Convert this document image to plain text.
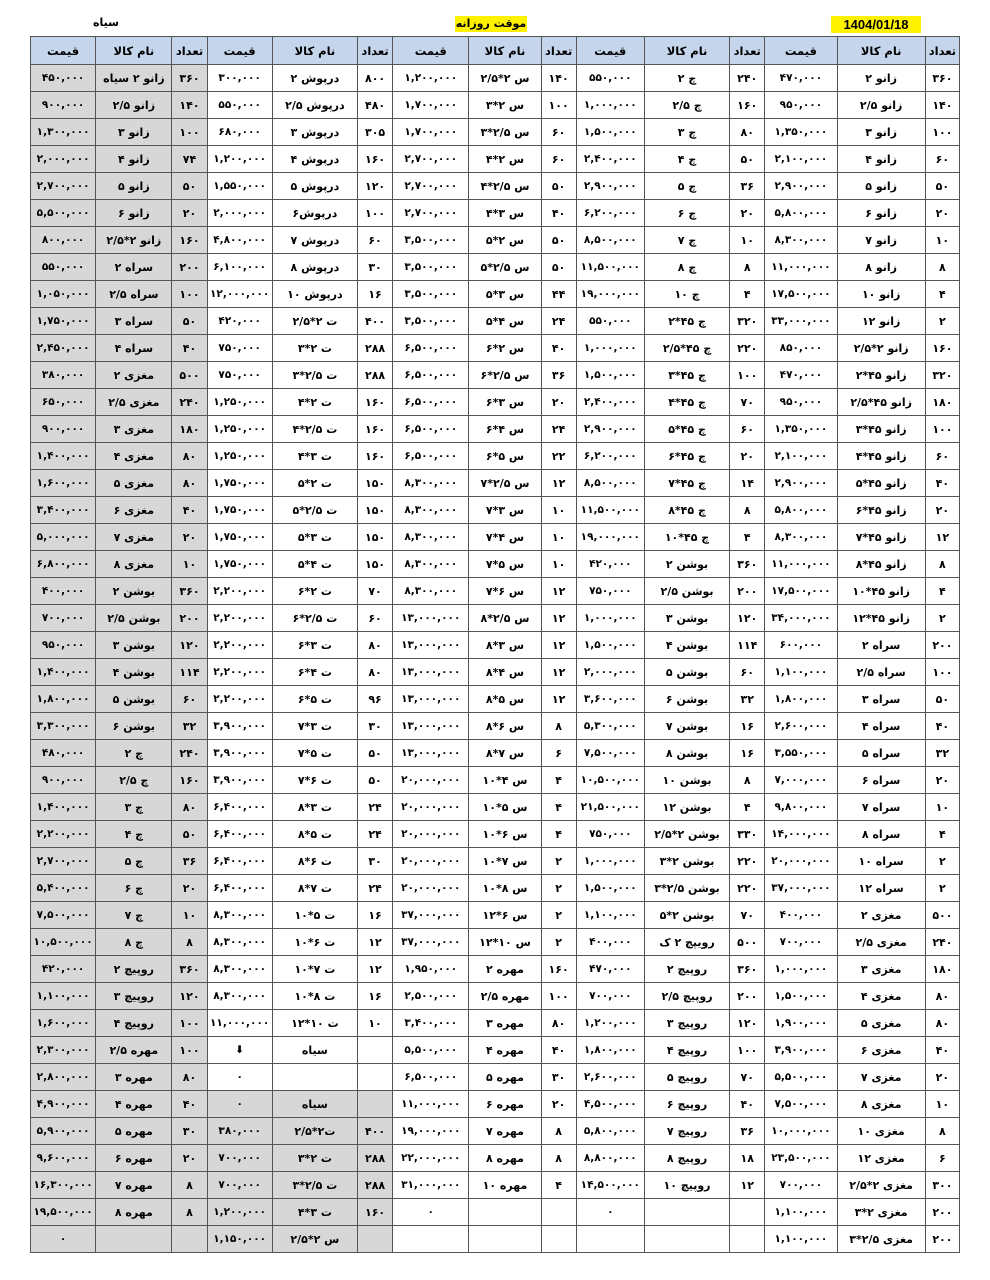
سیاه	موقت روزانه	1404/01/18
قیمت	نام کالا	تعداد	قیمت	نام کالا	تعداد	قیمت	نام کالا	تعداد	قیمت	نام کالا	تعداد	قیمت	نام کالا	تعداد
۴۵۰,۰۰۰	زانو ۲ سیاه	۳۶۰	۳۰۰,۰۰۰	درپوش ۲	۸۰۰	۱,۲۰۰,۰۰۰	س ۲*۲/۵	۱۴۰	۵۵۰,۰۰۰	چ ۲	۲۴۰	۴۷۰,۰۰۰	زانو ۲	۳۶۰
۹۰۰,۰۰۰	زانو ۲/۵	۱۴۰	۵۵۰,۰۰۰	درپوش ۲/۵	۴۸۰	۱,۷۰۰,۰۰۰	س ۲*۳	۱۰۰	۱,۰۰۰,۰۰۰	چ ۲/۵	۱۶۰	۹۵۰,۰۰۰	زانو ۲/۵	۱۴۰
۱,۳۰۰,۰۰۰	زانو ۳	۱۰۰	۶۸۰,۰۰۰	درپوش ۳	۳۰۵	۱,۷۰۰,۰۰۰	س ۲/۵*۳	۶۰	۱,۵۰۰,۰۰۰	چ ۳	۸۰	۱,۳۵۰,۰۰۰	زانو ۳	۱۰۰
۲,۰۰۰,۰۰۰	زانو ۴	۷۴	۱,۲۰۰,۰۰۰	درپوش ۴	۱۶۰	۲,۷۰۰,۰۰۰	س ۲*۴	۶۰	۲,۴۰۰,۰۰۰	چ ۴	۵۰	۲,۱۰۰,۰۰۰	زانو ۴	۶۰
۲,۷۰۰,۰۰۰	زانو ۵	۵۰	۱,۵۵۰,۰۰۰	درپوش ۵	۱۲۰	۲,۷۰۰,۰۰۰	س ۲/۵*۴	۵۰	۲,۹۰۰,۰۰۰	چ ۵	۳۶	۲,۹۰۰,۰۰۰	زانو ۵	۵۰
۵,۵۰۰,۰۰۰	زانو ۶	۲۰	۲,۰۰۰,۰۰۰	درپوش۶	۱۰۰	۲,۷۰۰,۰۰۰	س ۳*۴	۴۰	۶,۲۰۰,۰۰۰	چ ۶	۲۰	۵,۸۰۰,۰۰۰	زانو ۶	۲۰
۸۰۰,۰۰۰	زانو ۲*۲/۵	۱۶۰	۴,۸۰۰,۰۰۰	درپوش ۷	۶۰	۳,۵۰۰,۰۰۰	س ۲*۵	۵۰	۸,۵۰۰,۰۰۰	چ ۷	۱۰	۸,۳۰۰,۰۰۰	زانو ۷	۱۰
۵۵۰,۰۰۰	سراه ۲	۲۰۰	۶,۱۰۰,۰۰۰	درپوش ۸	۳۰	۳,۵۰۰,۰۰۰	س ۲/۵*۵	۵۰	۱۱,۵۰۰,۰۰۰	چ ۸	۸	۱۱,۰۰۰,۰۰۰	زانو ۸	۸
۱,۰۵۰,۰۰۰	سراه ۲/۵	۱۰۰	۱۲,۰۰۰,۰۰۰	درپوش ۱۰	۱۶	۳,۵۰۰,۰۰۰	س ۳*۵	۴۴	۱۹,۰۰۰,۰۰۰	چ ۱۰	۴	۱۷,۵۰۰,۰۰۰	زانو ۱۰	۴
۱,۷۵۰,۰۰۰	سراه ۳	۵۰	۴۲۰,۰۰۰	ت ۲*۲/۵	۴۰۰	۳,۵۰۰,۰۰۰	س ۴*۵	۲۴	۵۵۰,۰۰۰	چ ۴۵*۲	۳۲۰	۳۳,۰۰۰,۰۰۰	زانو ۱۲	۲
۲,۴۵۰,۰۰۰	سراه ۴	۴۰	۷۵۰,۰۰۰	ت ۲*۳	۲۸۸	۶,۵۰۰,۰۰۰	س ۲*۶	۴۰	۱,۰۰۰,۰۰۰	چ ۴۵*۲/۵	۲۲۰	۸۵۰,۰۰۰	زانو ۲*۲/۵	۱۶۰
۳۸۰,۰۰۰	مغزی ۲	۵۰۰	۷۵۰,۰۰۰	ت ۲/۵*۳	۲۸۸	۶,۵۰۰,۰۰۰	س ۲/۵*۶	۳۶	۱,۵۰۰,۰۰۰	چ ۴۵*۳	۱۰۰	۴۷۰,۰۰۰	زانو ۴۵*۲	۳۲۰
۶۵۰,۰۰۰	مغزی ۲/۵	۲۴۰	۱,۲۵۰,۰۰۰	ت ۲*۴	۱۶۰	۶,۵۰۰,۰۰۰	س ۳*۶	۲۰	۲,۴۰۰,۰۰۰	چ ۴۵*۴	۷۰	۹۵۰,۰۰۰	زانو ۴۵*۲/۵	۱۸۰
۹۰۰,۰۰۰	مغزی ۳	۱۸۰	۱,۲۵۰,۰۰۰	ت ۲/۵*۴	۱۶۰	۶,۵۰۰,۰۰۰	س ۴*۶	۲۴	۲,۹۰۰,۰۰۰	چ ۴۵*۵	۶۰	۱,۳۵۰,۰۰۰	زانو ۴۵*۳	۱۰۰
۱,۴۰۰,۰۰۰	مغزی ۴	۸۰	۱,۲۵۰,۰۰۰	ت ۳*۴	۱۶۰	۶,۵۰۰,۰۰۰	س ۵*۶	۲۲	۶,۲۰۰,۰۰۰	چ ۴۵*۶	۲۰	۲,۱۰۰,۰۰۰	زانو ۴۵*۴	۶۰
۱,۶۰۰,۰۰۰	مغزی ۵	۸۰	۱,۷۵۰,۰۰۰	ت ۲*۵	۱۵۰	۸,۳۰۰,۰۰۰	س ۲/۵*۷	۱۲	۸,۵۰۰,۰۰۰	چ ۴۵*۷	۱۴	۲,۹۰۰,۰۰۰	زانو ۴۵*۵	۴۰
۳,۴۰۰,۰۰۰	مغزی ۶	۴۰	۱,۷۵۰,۰۰۰	ت ۲/۵*۵	۱۵۰	۸,۳۰۰,۰۰۰	س ۳*۷	۱۰	۱۱,۵۰۰,۰۰۰	چ ۴۵*۸	۸	۵,۸۰۰,۰۰۰	زانو ۴۵*۶	۲۰
۵,۰۰۰,۰۰۰	مغزی ۷	۲۰	۱,۷۵۰,۰۰۰	ت ۳*۵	۱۵۰	۸,۳۰۰,۰۰۰	س ۴*۷	۱۰	۱۹,۰۰۰,۰۰۰	چ ۴۵*۱۰	۴	۸,۳۰۰,۰۰۰	زانو ۴۵*۷	۱۲
۶,۸۰۰,۰۰۰	مغزی ۸	۱۰	۱,۷۵۰,۰۰۰	ت ۴*۵	۱۵۰	۸,۳۰۰,۰۰۰	س ۵*۷	۱۰	۴۲۰,۰۰۰	بوشن ۲	۳۶۰	۱۱,۰۰۰,۰۰۰	زانو ۴۵*۸	۸
۴۰۰,۰۰۰	بوشن ۲	۳۶۰	۲,۲۰۰,۰۰۰	ت ۲*۶	۷۰	۸,۳۰۰,۰۰۰	س ۶*۷	۱۲	۷۵۰,۰۰۰	بوشن ۲/۵	۲۰۰	۱۷,۵۰۰,۰۰۰	زانو ۴۵*۱۰	۴
۷۰۰,۰۰۰	بوشن ۲/۵	۲۰۰	۲,۲۰۰,۰۰۰	ت ۲/۵*۶	۶۰	۱۳,۰۰۰,۰۰۰	س ۲/۵*۸	۱۲	۱,۰۰۰,۰۰۰	بوشن ۳	۱۲۰	۳۴,۰۰۰,۰۰۰	زانو ۴۵*۱۲	۲
۹۵۰,۰۰۰	بوشن ۳	۱۲۰	۲,۲۰۰,۰۰۰	ت ۳*۶	۸۰	۱۳,۰۰۰,۰۰۰	س ۳*۸	۱۲	۱,۵۰۰,۰۰۰	بوشن ۴	۱۱۴	۶۰۰,۰۰۰	سراه ۲	۲۰۰
۱,۴۰۰,۰۰۰	بوشن ۴	۱۱۴	۲,۲۰۰,۰۰۰	ت ۴*۶	۸۰	۱۳,۰۰۰,۰۰۰	س ۴*۸	۱۲	۲,۰۰۰,۰۰۰	بوشن ۵	۶۰	۱,۱۰۰,۰۰۰	سراه ۲/۵	۱۰۰
۱,۸۰۰,۰۰۰	بوشن ۵	۶۰	۲,۲۰۰,۰۰۰	ت ۵*۶	۹۶	۱۳,۰۰۰,۰۰۰	س ۵*۸	۱۲	۳,۶۰۰,۰۰۰	بوشن ۶	۳۲	۱,۸۰۰,۰۰۰	سراه ۳	۵۰
۳,۳۰۰,۰۰۰	بوشن ۶	۳۲	۳,۹۰۰,۰۰۰	ت ۳*۷	۳۰	۱۳,۰۰۰,۰۰۰	س ۶*۸	۸	۵,۳۰۰,۰۰۰	بوشن ۷	۱۶	۲,۶۰۰,۰۰۰	سراه ۴	۴۰
۴۸۰,۰۰۰	چ ۲	۲۴۰	۳,۹۰۰,۰۰۰	ت ۵*۷	۵۰	۱۳,۰۰۰,۰۰۰	س ۷*۸	۶	۷,۵۰۰,۰۰۰	بوشن ۸	۱۶	۳,۵۵۰,۰۰۰	سراه ۵	۳۲
۹۰۰,۰۰۰	چ ۲/۵	۱۶۰	۳,۹۰۰,۰۰۰	ت ۶*۷	۵۰	۲۰,۰۰۰,۰۰۰	س ۴*۱۰	۴	۱۰,۵۰۰,۰۰۰	بوشن ۱۰	۸	۷,۰۰۰,۰۰۰	سراه ۶	۲۰
۱,۴۰۰,۰۰۰	چ ۳	۸۰	۶,۴۰۰,۰۰۰	ت ۳*۸	۲۴	۲۰,۰۰۰,۰۰۰	س ۵*۱۰	۴	۲۱,۵۰۰,۰۰۰	بوشن ۱۲	۴	۹,۸۰۰,۰۰۰	سراه ۷	۱۰
۲,۲۰۰,۰۰۰	چ ۴	۵۰	۶,۴۰۰,۰۰۰	ت ۵*۸	۲۴	۲۰,۰۰۰,۰۰۰	س ۶*۱۰	۴	۷۵۰,۰۰۰	بوشن ۲*۲/۵	۳۳۰	۱۴,۰۰۰,۰۰۰	سراه ۸	۴
۲,۷۰۰,۰۰۰	چ ۵	۳۶	۶,۴۰۰,۰۰۰	ت ۶*۸	۳۰	۲۰,۰۰۰,۰۰۰	س ۷*۱۰	۲	۱,۰۰۰,۰۰۰	بوشن ۲*۳	۲۲۰	۲۰,۰۰۰,۰۰۰	سراه ۱۰	۲
۵,۴۰۰,۰۰۰	چ ۶	۲۰	۶,۴۰۰,۰۰۰	ت ۷*۸	۲۴	۲۰,۰۰۰,۰۰۰	س ۸*۱۰	۲	۱,۵۰۰,۰۰۰	بوشن ۲/۵*۳	۲۲۰	۳۷,۰۰۰,۰۰۰	سراه ۱۲	۲
۷,۵۰۰,۰۰۰	چ ۷	۱۰	۸,۳۰۰,۰۰۰	ت ۵*۱۰	۱۶	۳۷,۰۰۰,۰۰۰	س ۶*۱۲	۲	۱,۱۰۰,۰۰۰	بوشن ۲*۵	۷۰	۴۰۰,۰۰۰	مغزی ۲	۵۰۰
۱۰,۵۰۰,۰۰۰	چ ۸	۸	۸,۳۰۰,۰۰۰	ت ۶*۱۰	۱۲	۳۷,۰۰۰,۰۰۰	س ۱۰*۱۲	۲	۴۰۰,۰۰۰	رویپچ ۲ ک	۵۰۰	۷۰۰,۰۰۰	مغزی ۲/۵	۲۴۰
۴۲۰,۰۰۰	روپیچ ۲	۳۶۰	۸,۳۰۰,۰۰۰	ت ۷*۱۰	۱۲	۱,۹۵۰,۰۰۰	مهره ۲	۱۶۰	۴۷۰,۰۰۰	روپیچ ۲	۳۶۰	۱,۰۰۰,۰۰۰	مغزی ۳	۱۸۰
۱,۱۰۰,۰۰۰	روپیچ ۳	۱۲۰	۸,۳۰۰,۰۰۰	ت ۸*۱۰	۱۶	۲,۵۰۰,۰۰۰	مهره ۲/۵	۱۰۰	۷۰۰,۰۰۰	روپیچ ۲/۵	۲۰۰	۱,۵۰۰,۰۰۰	مغزی ۴	۸۰
۱,۶۰۰,۰۰۰	روپیچ ۴	۱۰۰	۱۱,۰۰۰,۰۰۰	ت ۱۰*۱۲	۱۰	۳,۴۰۰,۰۰۰	مهره ۳	۸۰	۱,۲۰۰,۰۰۰	روپیچ ۳	۱۲۰	۱,۹۰۰,۰۰۰	مغزی ۵	۸۰
۲,۳۰۰,۰۰۰	مهره ۲/۵	۱۰۰	⬇	سیاه		۵,۵۰۰,۰۰۰	مهره ۴	۴۰	۱,۸۰۰,۰۰۰	روپیچ ۴	۱۰۰	۳,۹۰۰,۰۰۰	مغزی ۶	۴۰
۲,۸۰۰,۰۰۰	مهره ۳	۸۰	۰			۶,۵۰۰,۰۰۰	مهره ۵	۳۰	۲,۶۰۰,۰۰۰	روپیچ ۵	۷۰	۵,۵۰۰,۰۰۰	مغزی ۷	۲۰
۴,۹۰۰,۰۰۰	مهره ۴	۴۰	۰	سیاه		۱۱,۰۰۰,۰۰۰	مهره ۶	۲۰	۴,۵۰۰,۰۰۰	روپیچ ۶	۴۰	۷,۵۰۰,۰۰۰	مغزی ۸	۱۰
۵,۹۰۰,۰۰۰	مهره ۵	۳۰	۳۸۰,۰۰۰	ت۲*۲/۵	۴۰۰	۱۹,۰۰۰,۰۰۰	مهره ۷	۸	۵,۸۰۰,۰۰۰	روپیچ ۷	۳۶	۱۰,۰۰۰,۰۰۰	مغزی ۱۰	۸
۹,۶۰۰,۰۰۰	مهره ۶	۲۰	۷۰۰,۰۰۰	ت ۲*۳	۲۸۸	۲۲,۰۰۰,۰۰۰	مهره ۸	۸	۸,۸۰۰,۰۰۰	روپیچ ۸	۱۸	۲۳,۵۰۰,۰۰۰	مغزی ۱۲	۶
۱۶,۳۰۰,۰۰۰	مهره ۷	۸	۷۰۰,۰۰۰	ت ۲/۵*۳	۲۸۸	۳۱,۰۰۰,۰۰۰	مهره ۱۰	۴	۱۴,۵۰۰,۰۰۰	روپیچ ۱۰	۱۲	۷۰۰,۰۰۰	مغزی ۲*۲/۵	۳۰۰
۱۹,۵۰۰,۰۰۰	مهره ۸	۸	۱,۲۰۰,۰۰۰	ت ۳*۴	۱۶۰	۰			۰			۱,۱۰۰,۰۰۰	مغزی ۲*۳	۲۰۰
۰			۱,۱۵۰,۰۰۰	س ۲*۲/۵								۱,۱۰۰,۰۰۰	مغزی ۲/۵*۳	۲۰۰
